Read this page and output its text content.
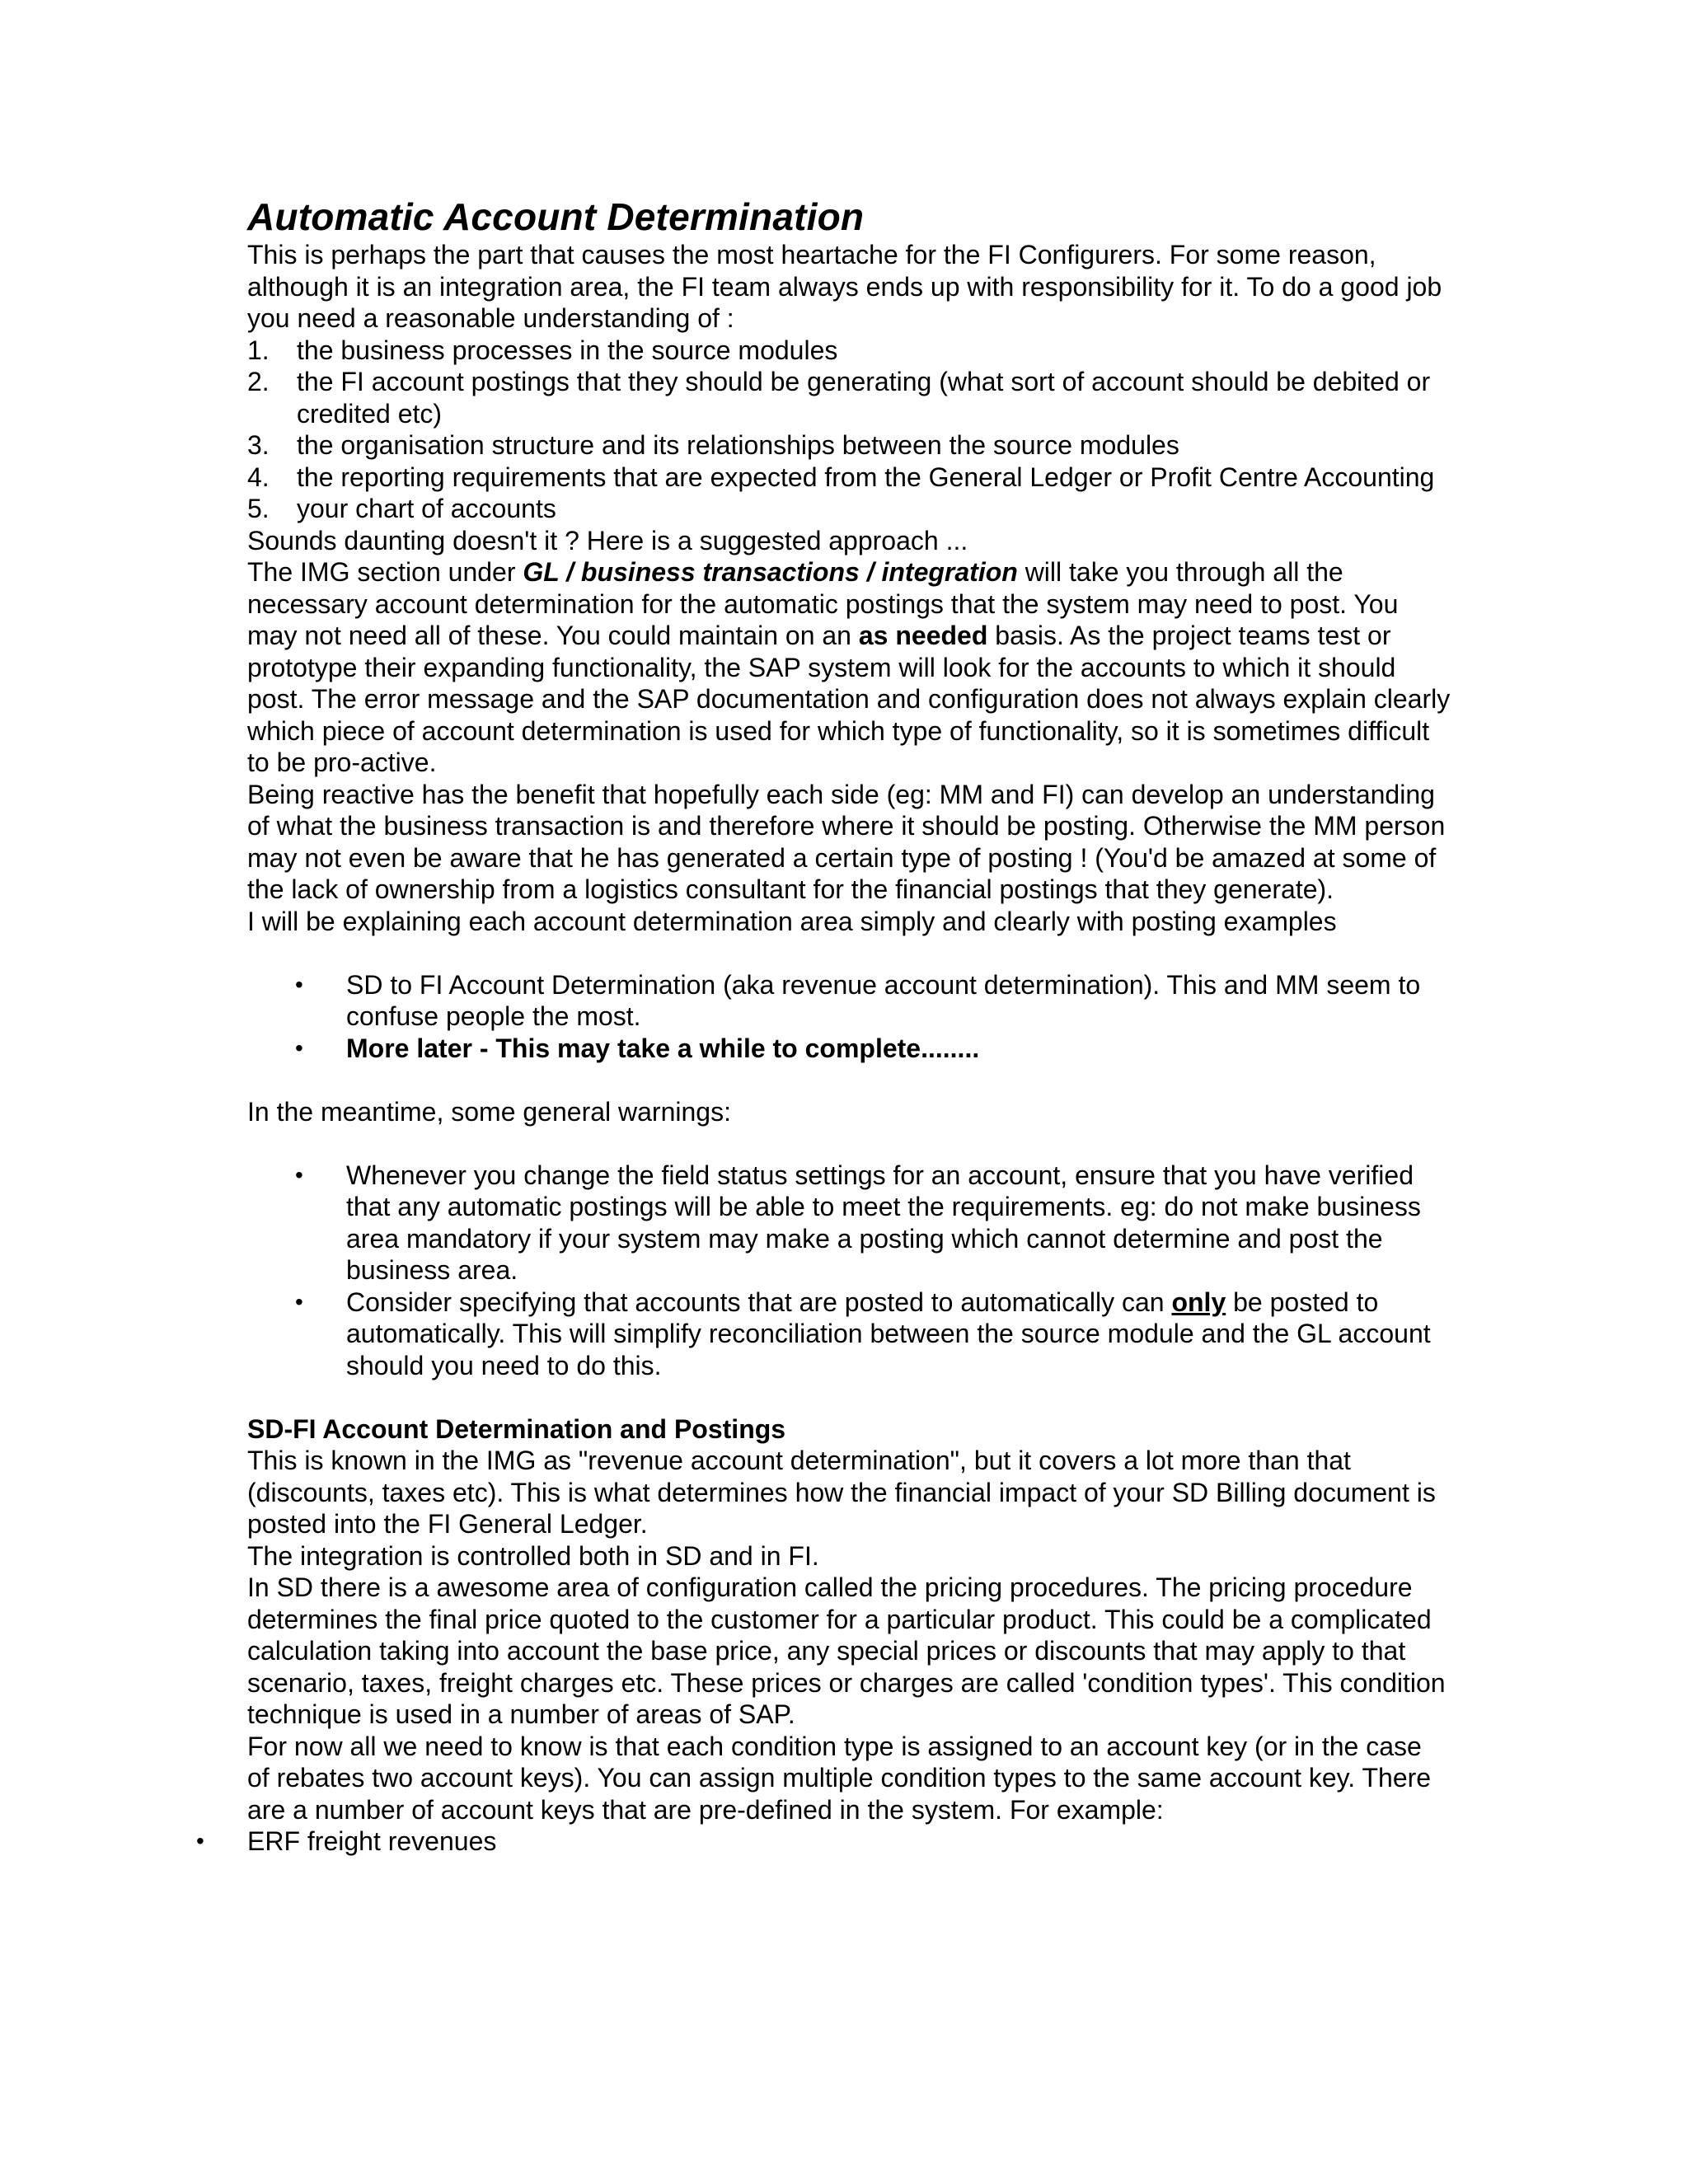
Automatic Account Determination

This is perhaps the part that causes the most heartache for the FI Configurers. For some reason, although it is an integration area, the FI team always ends up with responsibility for it. To do a good job you need a reasonable understanding of :

1.	the business processes in the source modules
2.	the FI account postings that they should be generating (what sort of account should be debited or credited etc)
3.	the organisation structure and its relationships between the source modules
4.	the reporting requirements that are expected from the General Ledger or Profit Centre Accounting
5.	your chart of accounts

Sounds daunting doesn't it ? Here is a suggested approach ...

The IMG section under GL / business transactions / integration will take you through all the necessary account determination for the automatic postings that the system may need to post. You may not need all of these. You could maintain on an as needed basis. As the project teams test or prototype their expanding functionality, the SAP system will look for the accounts to which it should post. The error message and the SAP documentation and configuration does not always explain clearly which piece of account determination is used for which type of functionality, so it is sometimes difficult to be pro-active.

Being reactive has the benefit that hopefully each side (eg: MM and FI) can develop an understanding of what the business transaction is and therefore where it should be posting. Otherwise the MM person may not even be aware that he has generated a certain type of posting ! (You'd be amazed at some of the lack of ownership from a logistics consultant for the financial postings that they generate).

I will be explaining each account determination area simply and clearly with posting examples

•	SD to FI Account Determination (aka revenue account determination). This and MM seem to confuse people the most.
•	More later - This may take a while to complete........

In the meantime, some general warnings:

•	Whenever you change the field status settings for an account, ensure that you have verified that any automatic postings will be able to meet the requirements. eg: do not make business area mandatory if your system may make a posting which cannot determine and post the business area.
•	Consider specifying that accounts that are posted to automatically can only be posted to automatically. This will simplify reconciliation between the source module and the GL account should you need to do this.

SD-FI Account Determination and Postings

This is known in the IMG as "revenue account determination", but it covers a lot more than that (discounts, taxes etc). This is what determines how the financial impact of your SD Billing document is posted into the FI General Ledger.

The integration is controlled both in SD and in FI.

In SD there is a awesome area of configuration called the pricing procedures. The pricing procedure determines the final price quoted to the customer for a particular product. This could be a complicated calculation taking into account the base price, any special prices or discounts that may apply to that scenario, taxes, freight charges etc. These prices or charges are called 'condition types'. This condition technique is used in a number of areas of SAP.

For now all we need to know is that each condition type is assigned to an account key (or in the case of rebates two account keys). You can assign multiple condition types to the same account key. There are a number of account keys that are pre-defined in the system. For example:

•	ERF freight revenues
